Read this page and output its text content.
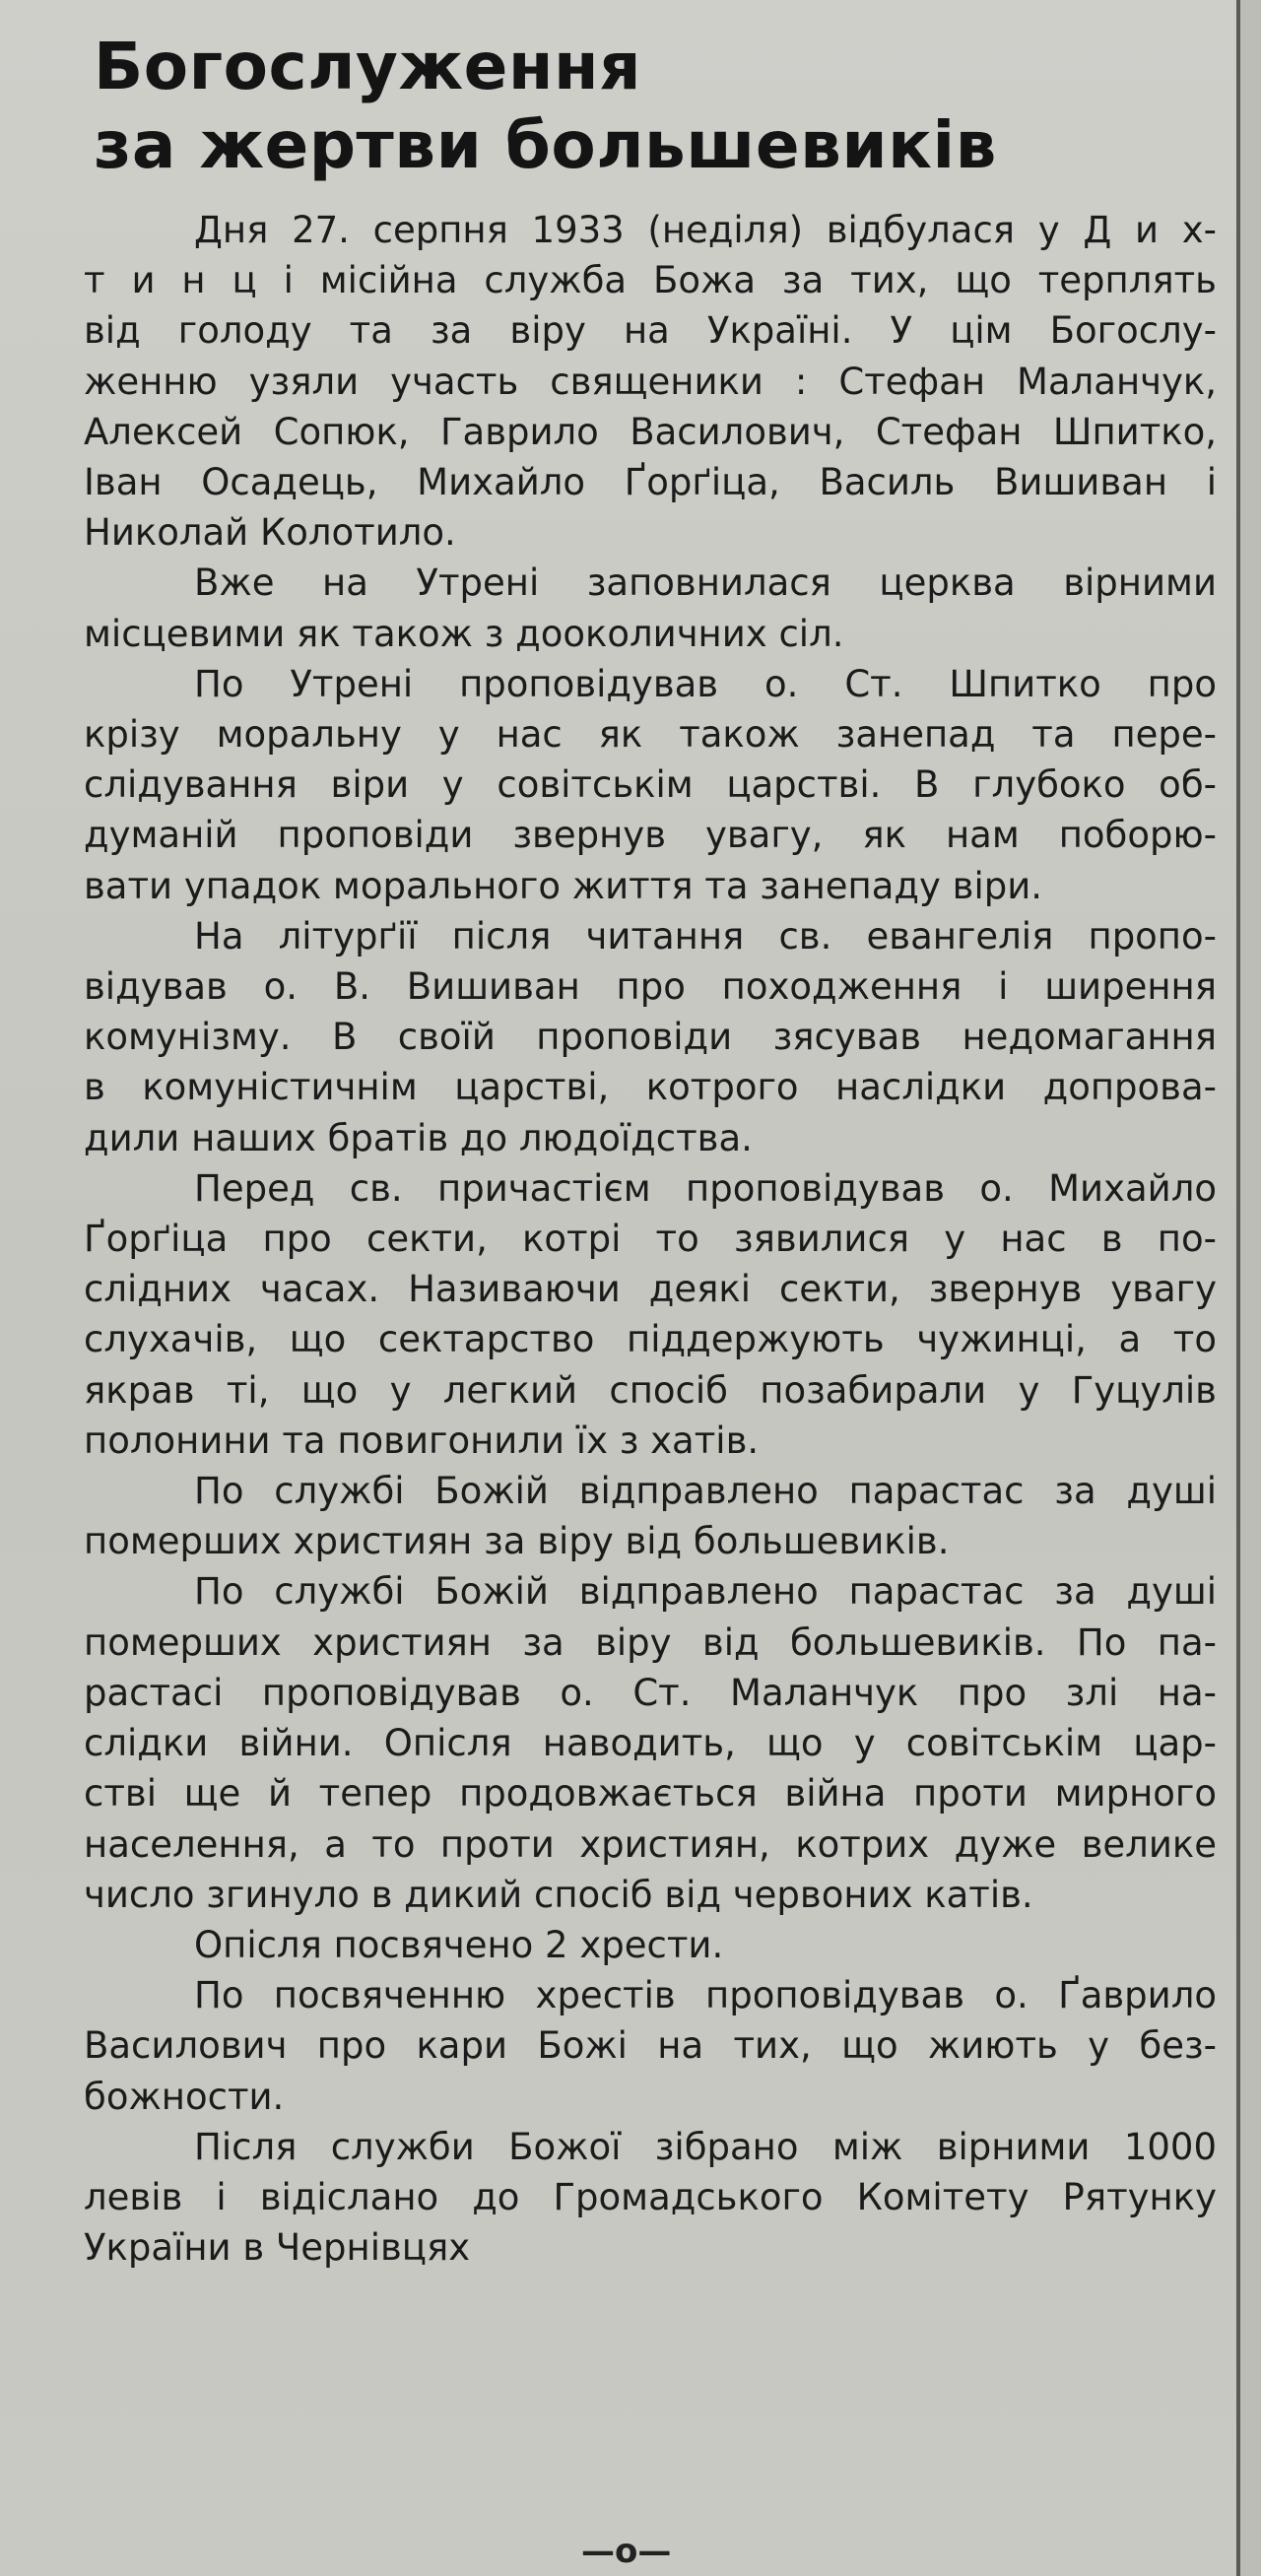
Богослуження
за жертви большевиків
Дня 27. серпня 1933 (неділя) відбулася у Д и х-
т и н ц і місійна служба Божа за тих, що терплять
від голоду та за віру на Україні. У цім Богослу-
женню узяли участь священики : Стефан Маланчук,
Алексей Сопюк, Гаврило Василович, Стефан Шпитко,
Іван Осадець, Михайло Ґорґіца, Василь Вишиван і
Николай Колотило.
Вже на Утрені заповнилася церква вірними
місцевими як також з дооколичних сіл.
По Утрені проповідував о. Ст. Шпитко про
крізу моральну у нас як також занепад та пере-
слідування віри у совітськім царстві. В глубоко об-
думаній проповіди звернув увагу, як нам поборю-
вати упадок морального життя та занепаду віри.
На літурґії після читання св. евангелія пропо-
відував о. В. Вишиван про походження і ширення
комунізму. В своїй проповіди зясував недомагання
в комуністичнім царстві, котрого наслідки допрова-
дили наших братів до людоїдства.
Перед св. причастієм проповідував о. Михайло
Ґорґіца про секти, котрі то зявилися у нас в по-
слідних часах. Називаючи деякі секти, звернув увагу
слухачів, що сектарство піддержують чужинці, а то
якрав ті, що у легкий спосіб позабирали у Гуцулів
полонини та повигонили їх з хатів.
По службі Божій відправлено парастас за душі
померших християн за віру від большевиків.
По службі Божій відправлено парастас за душі
померших християн за віру від большевиків. По па-
растасі проповідував о. Ст. Маланчук про злі на-
слідки війни. Опісля наводить, що у совітськім цар-
стві ще й тепер продовжається війна проти мирного
населення, а то проти християн, котрих дуже велике
число згинуло в дикий спосіб від червоних катів.
Опісля посвячено 2 хрести.
По посвяченню хрестів проповідував о. Ґаврило
Василович про кари Божі на тих, що жиють у без-
божности.
Після служби Божої зібрано між вірними 1000
левів і відіслано до Громадського Комітету Рятунку
України в Чернівцях
—о—
